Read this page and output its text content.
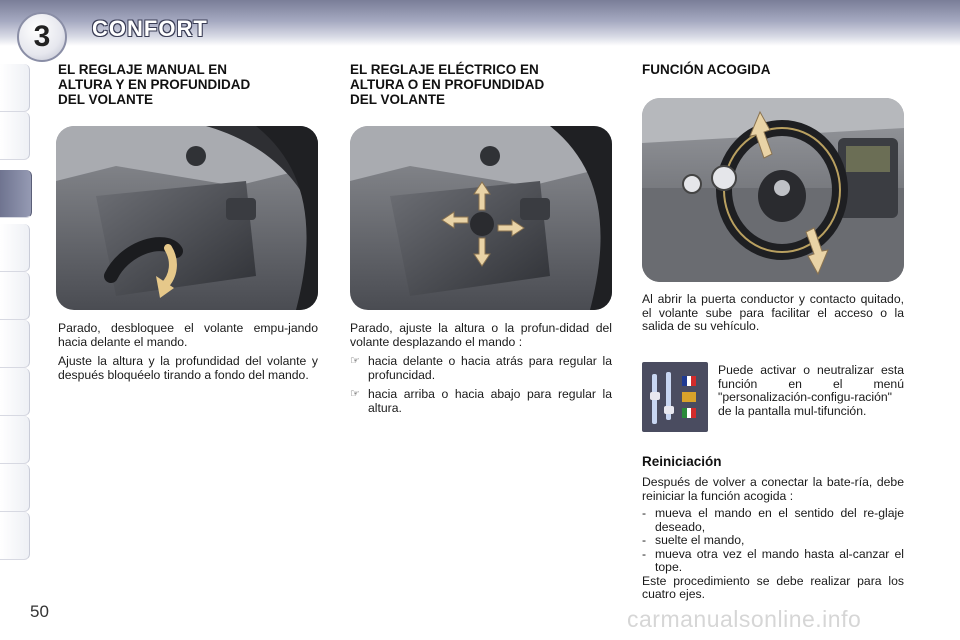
3	CONFORT

EL REGLAJE MANUAL EN

ALTURA Y EN PROFUNDIDAD

DEL VOLANTE

Parado, desbloquee el volante empu-jando hacia delante el mando.

Ajuste la altura y la profundidad del volante y después bloquéelo tirando a fondo del mando.

EL REGLAJE ELÉCTRICO EN

ALTURA O EN PROFUNDIDAD

DEL VOLANTE

Parado, ajuste la altura o la profun-didad del volante desplazando el mando :

☞ hacia delante o hacia atrás para regular la profuncidad.
☞ hacia arriba o hacia abajo para regular la altura.

FUNCIÓN ACOGIDA

Al abrir la puerta conductor y contacto quitado, el volante sube para facilitar el acceso o la salida de su vehículo.

Puede activar o neutralizar esta función en el menú "personalización-configu-ración" de la pantalla mul-tifunción.
Reiniciación

Después de volver a conectar la bate-ría, debe reiniciar la función acogida :

- mueva el mando en el sentido del re-glaje deseado,
- suelte el mando,
- mueva otra vez el mando hasta al-canzar el tope.

Este procedimiento se debe realizar para los cuatro ejes.

50	carmanualsonline.info
